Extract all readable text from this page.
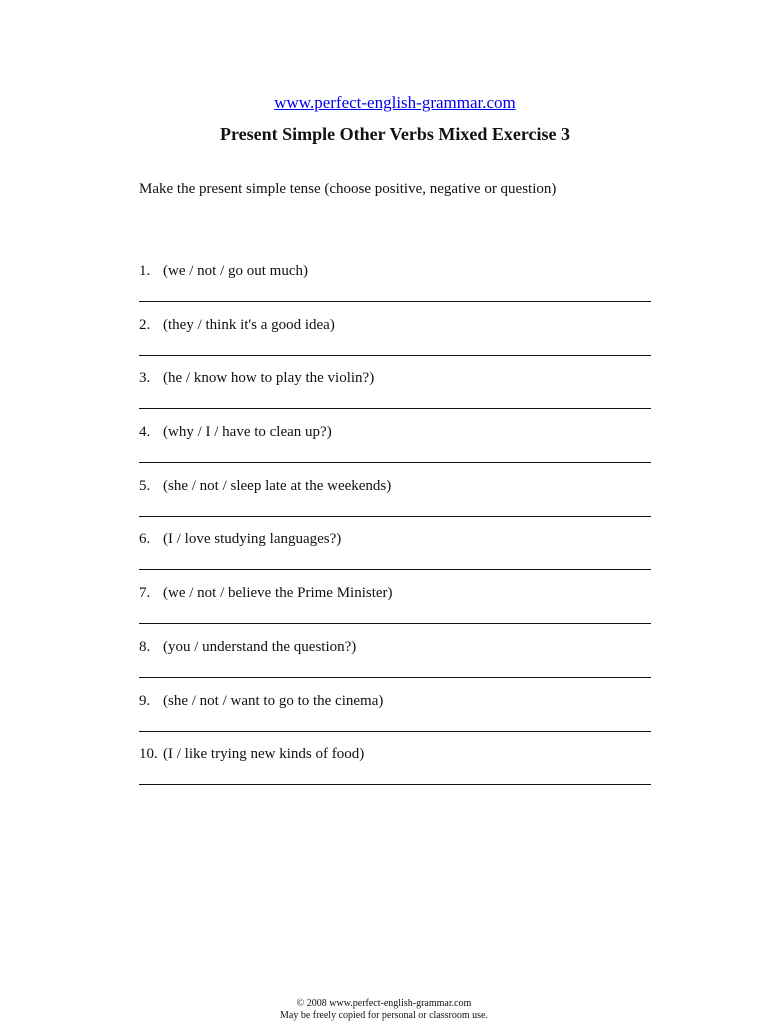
www.perfect-english-grammar.com
Present Simple Other Verbs Mixed Exercise 3
Make the present simple tense (choose positive, negative or question)
1. (we / not / go out much)
2. (they / think it's a good idea)
3. (he / know how to play the violin?)
4. (why / I / have to clean up?)
5. (she / not / sleep late at the weekends)
6. (I / love studying languages?)
7. (we / not / believe the Prime Minister)
8. (you / understand the question?)
9. (she / not / want to go to the cinema)
10. (I / like trying new kinds of food)
© 2008 www.perfect-english-grammar.com
May be freely copied for personal or classroom use.
